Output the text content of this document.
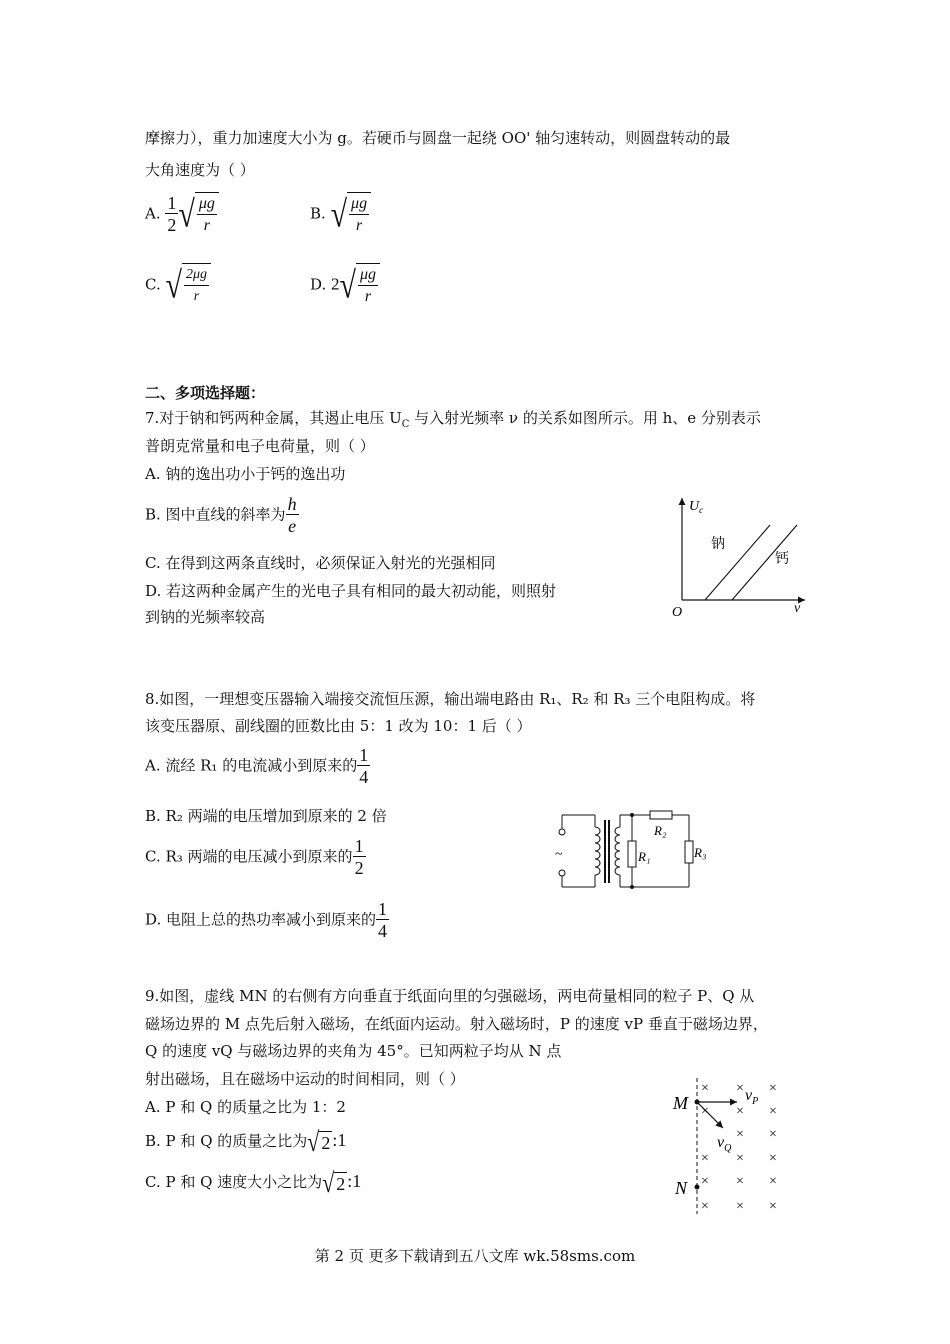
摩擦力），重力加速度大小为 g。若硬币与圆盘一起绕 OO' 轴匀速转动，则圆盘转动的最
大角速度为（ ）
A. $\frac{1}{2}$ √ $\frac{\mu g}{r}$	B. √ $\frac{\mu g}{r}$
C. √ $\frac{2\mu g}{r}$	D. $2√ \frac{\mu g}{r}$
二、多项选择题：
7.对于钠和钙两种金属，其遏止电压 $U_C$ 与入射光频率 ν 的关系如图所示。用 h、e 分别表示
普朗克常量和电子电荷量，则（ ）
A. 钠的逸出功小于钙的逸出功
B. 图中直线的斜率为 $\frac{h}{e}$
C. 在得到这两条直线时，必须保证入射光的光强相同
D. 若这两种金属产生的光电子具有相同的最大初动能，则照射
到钠的光频率较高
$U_c$
ν
O
钠
钙
8.如图，一理想变压器输入端接交流恒压源，输出端电路由 R₁、R₂ 和 R₃ 三个电阻构成。将
该变压器原、副线圈的匝数比由 5：1 改为 10：1 后（ ）
A. 流经 R₁ 的电流减小到原来的 $\frac{1}{4}$
B. R₂ 两端的电压增加到原来的 2 倍
C. R₃ 两端的电压减小到原来的 $\frac{1}{2}$
D. 电阻上总的热功率减小到原来的 $\frac{1}{4}$
~	R₁
R₂
R₃
9.如图，虚线 MN 的右侧有方向垂直于纸面向里的匀强磁场，两电荷量相同的粒子 P、Q 从
磁场边界的 M 点先后射入磁场，在纸面内运动。射入磁场时，P 的速度 vP 垂直于磁场边界，
Q 的速度 vQ 与磁场边界的夹角为 45°。已知两粒子均从 N 点
射出磁场，且在磁场中运动的时间相同，则（ ）
A. P 和 Q 的质量之比为 1：2
B. P 和 Q 的质量之比为√ 2 :1
C. P 和 Q 速度大小之比为√ 2 :1
× × ×
× × ×
× ×
× × ×
× × ×
× × ×
M
N
$v_P$
$v_Q$
第 2 页 更多下载请到五八文库 wk.58sms.com
